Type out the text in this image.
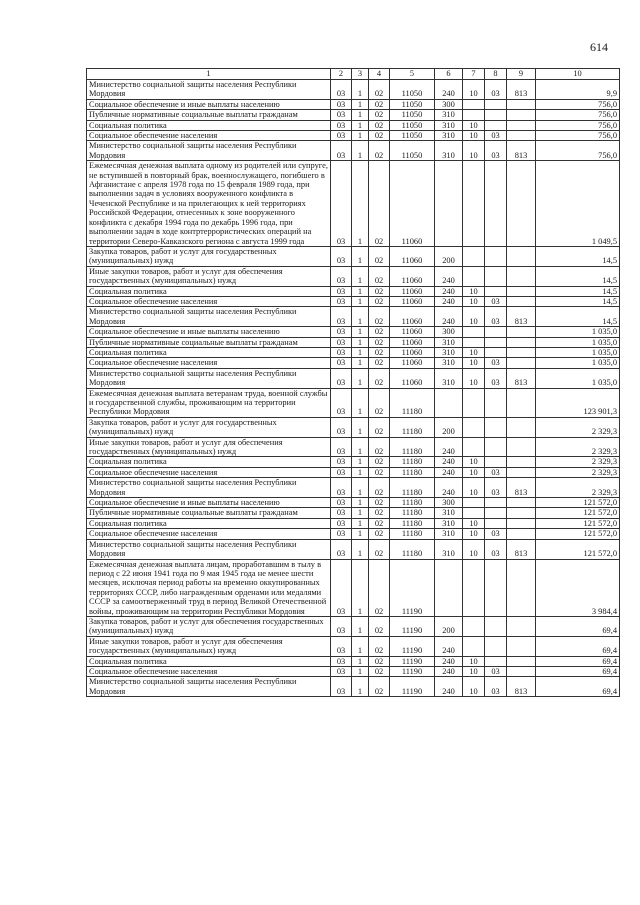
614
1	2	3	4	5	6	7	8	9	10
Министерство социальной защиты населения Республики Мордовия	03	1	02	11050	240	10	03	813	9,9
Социальное обеспечение и иные выплаты населению	03	1	02	11050	300				756,0
Публичные нормативные социальные выплаты гражданам	03	1	02	11050	310				756,0
Социальная политика	03	1	02	11050	310	10			756,0
Социальное обеспечение населения	03	1	02	11050	310	10	03		756,0
Министерство социальной защиты населения Республики Мордовия	03	1	02	11050	310	10	03	813	756,0
Ежемесячная денежная выплата одному из родителей или супруге, не вступившей в повторный брак, военнослужащего, погибшего в Афганистане с апреля 1978 года по 15 февраля 1989 года, при выполнении задач в условиях вооруженного конфликта в Чеченской Республике и на прилегающих к ней территориях Российской Федерации, отнесенных к зоне вооруженного конфликта с декабря 1994 года по декабрь 1996 года, при выполнении задач в ходе контртеррористических операций на территории Северо-Кавказского региона с августа 1999 года	03	1	02	11060					1 049,5
Закупка товаров, работ и услуг для государственных (муниципальных) нужд	03	1	02	11060	200				14,5
Иные закупки товаров, работ и услуг для обеспечения государственных (муниципальных) нужд	03	1	02	11060	240				14,5
Социальная политика	03	1	02	11060	240	10			14,5
Социальное обеспечение населения	03	1	02	11060	240	10	03		14,5
Министерство социальной защиты населения Республики Мордовия	03	1	02	11060	240	10	03	813	14,5
Социальное обеспечение и иные выплаты населению	03	1	02	11060	300				1 035,0
Публичные нормативные социальные выплаты гражданам	03	1	02	11060	310				1 035,0
Социальная политика	03	1	02	11060	310	10			1 035,0
Социальное обеспечение населения	03	1	02	11060	310	10	03		1 035,0
Министерство социальной защиты населения Республики Мордовия	03	1	02	11060	310	10	03	813	1 035,0
Ежемесячная денежная выплата ветеранам труда, военной службы и государственной службы, проживающим на территории Республики Мордовия	03	1	02	11180					123 901,3
Закупка товаров, работ и услуг для государственных (муниципальных) нужд	03	1	02	11180	200				2 329,3
Иные закупки товаров, работ и услуг для обеспечения государственных (муниципальных) нужд	03	1	02	11180	240				2 329,3
Социальная политика	03	1	02	11180	240	10			2 329,3
Социальное обеспечение населения	03	1	02	11180	240	10	03		2 329,3
Министерство социальной защиты населения Республики Мордовия	03	1	02	11180	240	10	03	813	2 329,3
Социальное обеспечение и иные выплаты населению	03	1	02	11180	300				121 572,0
Публичные нормативные социальные выплаты гражданам	03	1	02	11180	310				121 572,0
Социальная политика	03	1	02	11180	310	10			121 572,0
Социальное обеспечение населения	03	1	02	11180	310	10	03		121 572,0
Министерство социальной защиты населения Республики Мордовия	03	1	02	11180	310	10	03	813	121 572,0
Ежемесячная денежная выплата лицам, проработавшим в тылу в период с 22 июня 1941 года по 9 мая 1945 года не менее шести месяцев, исключая период работы на временно оккупированных территориях СССР, либо награжденным орденами или медалями СССР за самоотверженный труд в период Великой Отечественной войны, проживающим на территории Республики Мордовия	03	1	02	11190					3 984,4
Закупка товаров, работ и услуг для обеспечения государственных (муниципальных) нужд	03	1	02	11190	200				69,4
Иные закупки товаров, работ и услуг для обеспечения государственных (муниципальных) нужд	03	1	02	11190	240				69,4
Социальная политика	03	1	02	11190	240	10			69,4
Социальное обеспечение населения	03	1	02	11190	240	10	03		69,4
Министерство социальной защиты населения Республики Мордовия	03	1	02	11190	240	10	03	813	69,4
